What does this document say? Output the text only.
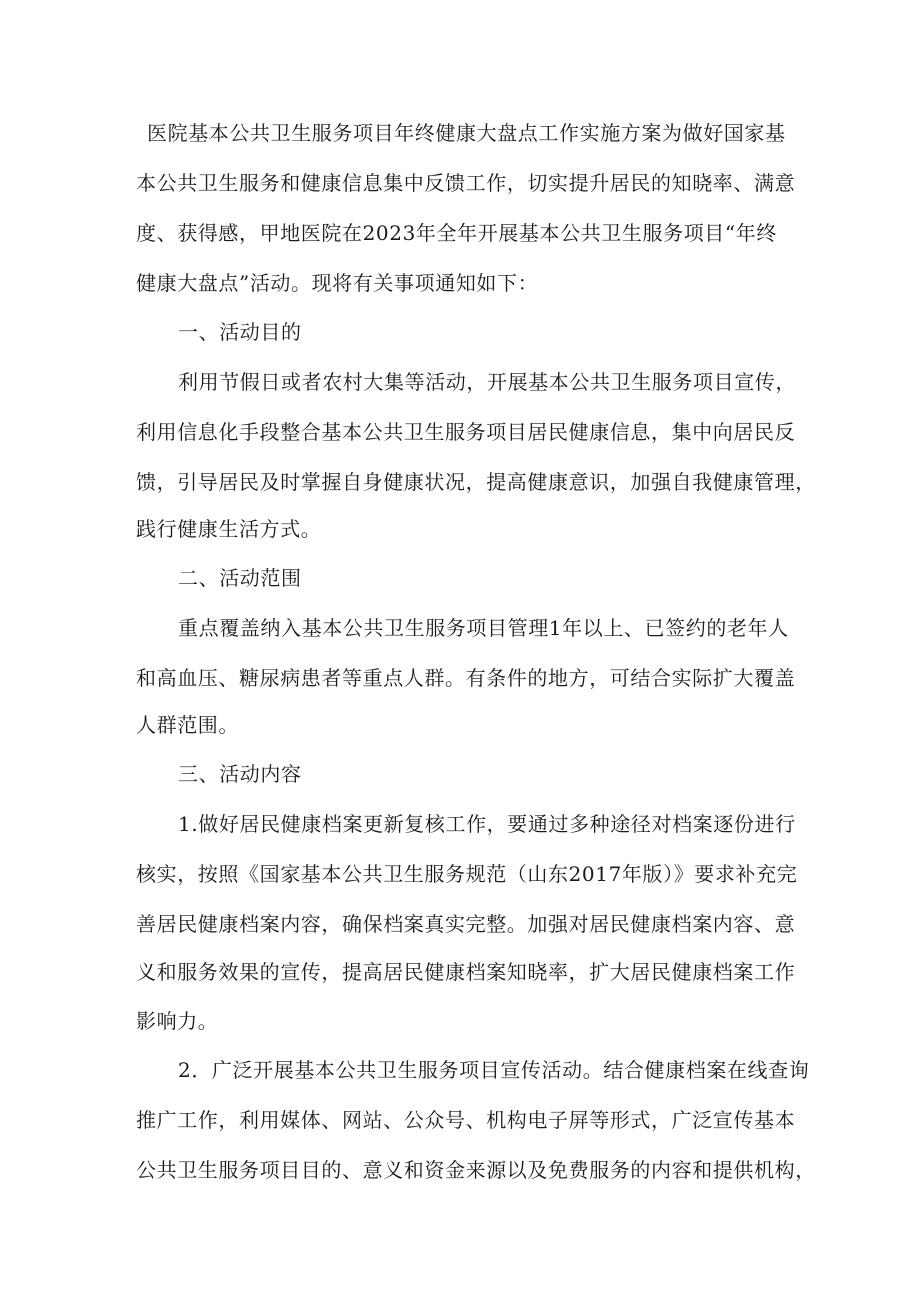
医院基本公共卫生服务项目年终健康大盘点工作实施方案为做好国家基
本公共卫生服务和健康信息集中反馈工作，切实提升居民的知晓率、满意
度、获得感，甲地医院在2023年全年开展基本公共卫生服务项目“年终
健康大盘点”活动。现将有关事项通知如下：
一、活动目的
利用节假日或者农村大集等活动，开展基本公共卫生服务项目宣传，
利用信息化手段整合基本公共卫生服务项目居民健康信息，集中向居民反
馈，引导居民及时掌握自身健康状况，提高健康意识，加强自我健康管理，
践行健康生活方式。
二、活动范围
重点覆盖纳入基本公共卫生服务项目管理1年以上、已签约的老年人
和高血压、糖尿病患者等重点人群。有条件的地方，可结合实际扩大覆盖
人群范围。
三、活动内容
1.做好居民健康档案更新复核工作，要通过多种途径对档案逐份进行
核实，按照《国家基本公共卫生服务规范（山东2017年版）》要求补充完
善居民健康档案内容，确保档案真实完整。加强对居民健康档案内容、意
义和服务效果的宣传，提高居民健康档案知晓率，扩大居民健康档案工作
影响力。
2．广泛开展基本公共卫生服务项目宣传活动。结合健康档案在线查询
推广工作，利用媒体、网站、公众号、机构电子屏等形式，广泛宣传基本
公共卫生服务项目目的、意义和资金来源以及免费服务的内容和提供机构，
